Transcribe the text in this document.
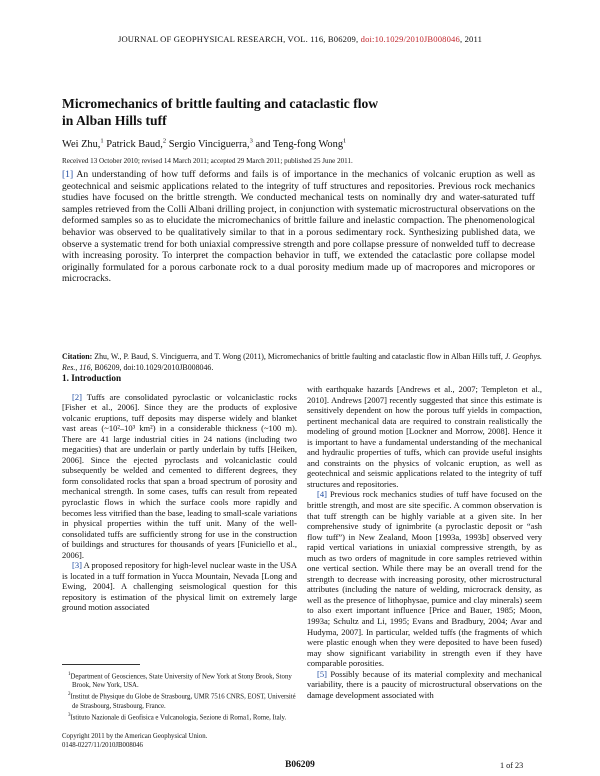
JOURNAL OF GEOPHYSICAL RESEARCH, VOL. 116, B06209, doi:10.1029/2010JB008046, 2011
Micromechanics of brittle faulting and cataclastic flow
in Alban Hills tuff
Wei Zhu,$^1$ Patrick Baud,$^2$ Sergio Vinciguerra,$^3$ and Teng-fong Wong$^1$
Received 13 October 2010; revised 14 March 2011; accepted 29 March 2011; published 25 June 2011.
[1] An understanding of how tuff deforms and fails is of importance in the mechanics of volcanic eruption as well as geotechnical and seismic applications related to the integrity of tuff structures and repositories. Previous rock mechanics studies have focused on the brittle strength. We conducted mechanical tests on nominally dry and water-saturated tuff samples retrieved from the Colli Albani drilling project, in conjunction with systematic microstructural observations on the deformed samples so as to elucidate the micromechanics of brittle failure and inelastic compaction. The phenomenological behavior was observed to be qualitatively similar to that in a porous sedimentary rock. Synthesizing published data, we observe a systematic trend for both uniaxial compressive strength and pore collapse pressure of nonwelded tuff to decrease with increasing porosity. To interpret the compaction behavior in tuff, we extended the cataclastic pore collapse model originally formulated for a porous carbonate rock to a dual porosity medium made up of macropores and micropores or microcracks.
Citation: Zhu, W., P. Baud, S. Vinciguerra, and T. Wong (2011), Micromechanics of brittle faulting and cataclastic flow in Alban Hills tuff, J. Geophys. Res., 116, B06209, doi:10.1029/2010JB008046.
1. Introduction

[2] Tuffs are consolidated pyroclastic or volcaniclastic rocks [Fisher et al., 2006]. Since they are the products of explosive volcanic eruptions, tuff deposits may disperse widely and blanket vast areas (~10²–10³ km²) in a considerable thickness (~100 m). There are 41 large industrial cities in 24 nations (including two megacities) that are underlain or partly underlain by tuffs [Heiken, 2006]. Since the ejected pyroclasts and volcaniclastic could subsequently be welded and cemented to different degrees, they form consolidated rocks that span a broad spectrum of porosity and mechanical strength. In some cases, tuffs can result from repeated pyroclastic flows in which the surface cools more rapidly and becomes less vitrified than the base, leading to small-scale variations in physical properties within the tuff unit. Many of the well-consolidated tuffs are sufficiently strong for use in the construction of buildings and structures for thousands of years [Funiciello et al., 2006].

[3] A proposed repository for high-level nuclear waste in the USA is located in a tuff formation in Yucca Mountain, Nevada [Long and Ewing, 2004]. A challenging seismological question for this repository is estimation of the physical limit on extremely large ground motion associated

with earthquake hazards [Andrews et al., 2007; Templeton et al., 2010]. Andrews [2007] recently suggested that since this estimate is sensitively dependent on how the porous tuff yields in compaction, pertinent mechanical data are required to constrain realistically the modeling of ground motion [Lockner and Morrow, 2008]. Hence it is important to have a fundamental understanding of the mechanical and hydraulic properties of tuffs, which can provide useful insights and constraints on the physics of volcanic eruption, as well as geotechnical and seismic applications related to the integrity of tuff structures and repositories.

[4] Previous rock mechanics studies of tuff have focused on the brittle strength, and most are site specific. A common observation is that tuff strength can be highly variable at a given site. In her comprehensive study of ignimbrite (a pyroclastic deposit or “ash flow tuff”) in New Zealand, Moon [1993a, 1993b] observed very rapid vertical variations in uniaxial compressive strength, by as much as two orders of magnitude in core samples retrieved within one vertical section. While there may be an overall trend for the strength to decrease with increasing porosity, other microstructural attributes (including the nature of welding, microcrack density, as well as the presence of lithophysae, pumice and clay minerals) seem to also exert important influence [Price and Bauer, 1985; Moon, 1993a; Schultz and Li, 1995; Evans and Bradbury, 2004; Avar and Hudyma, 2007]. In particular, welded tuffs (the fragments of which were plastic enough when they were deposited to have been fused) may show significant variability in strength even if they have comparable porosities.

[5] Possibly because of its material complexity and mechanical variability, there is a paucity of microstructural observations on the damage development associated with

$^1$Department of Geosciences, State University of New York at Stony Brook, Stony Brook, New York, USA.

$^2$Institut de Physique du Globe de Strasbourg, UMR 7516 CNRS, EOST, Université de Strasbourg, Strasbourg, France.

$^3$Istituto Nazionale di Geofisica e Vulcanologia, Sezione di Roma1, Rome, Italy.

Copyright 2011 by the American Geophysical Union.
0148-0227/11/2010JB008046
B06209	1 of 23
